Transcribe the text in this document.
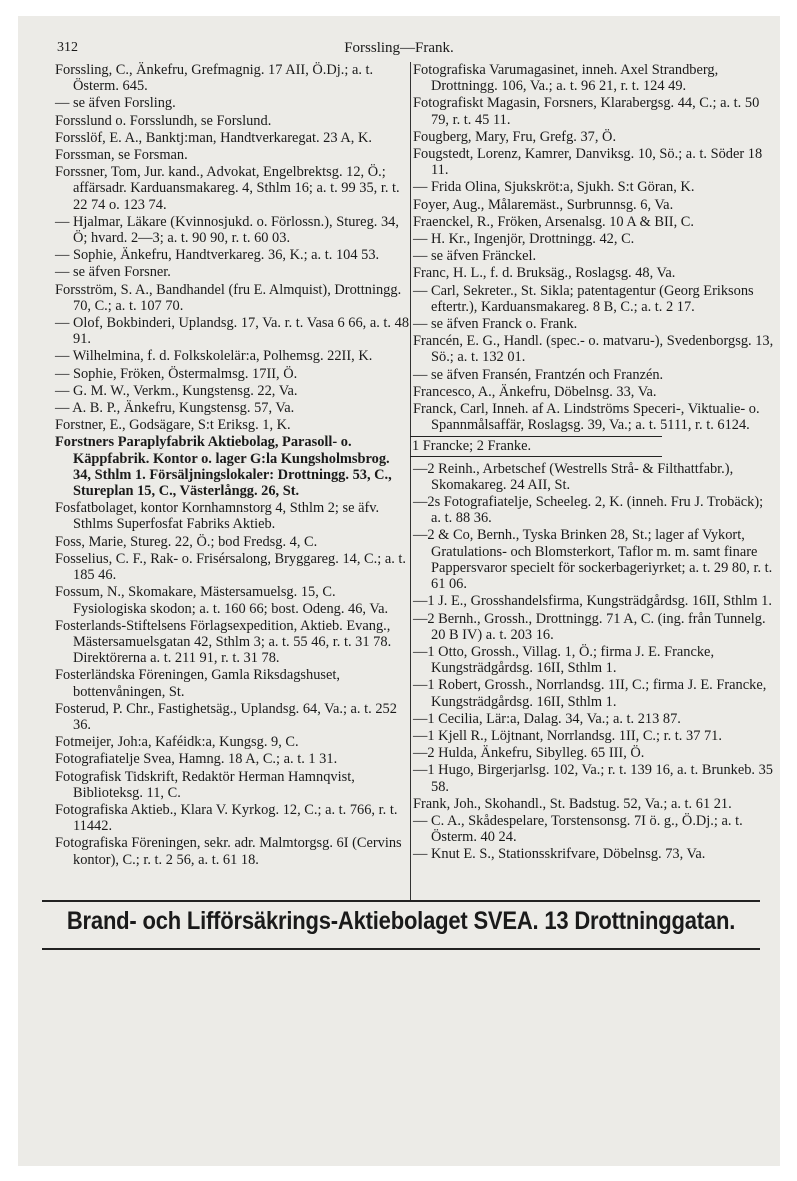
312	Forssling—Frank.
Forssling, C., Änkefru, Grefmagnig. 17 AII, Ö.Dj.; a. t. Österm. 645.
— se äfven Forsling.
Forsslund o. Forsslundh, se Forslund.
Forsslöf, E. A., Banktj:man, Handtverkaregat. 23 A, K.
Forssman, se Forsman.
Forssner, Tom, Jur. kand., Advokat, Engelbrektsg. 12, Ö.; affärsadr. Karduansmakareg. 4, Sthlm 16; a. t. 99 35, r. t. 22 74 o. 123 74.
— Hjalmar, Läkare (Kvinnosjukd. o. Förlossn.), Stureg. 34, Ö; hvard. 2—3; a. t. 90 90, r. t. 60 03.
— Sophie, Änkefru, Handtverkareg. 36, K.; a. t. 104 53.
— se äfven Forsner.
Forsström, S. A., Bandhandel (fru E. Almquist), Drottningg. 70, C.; a. t. 107 70.
— Olof, Bokbinderi, Uplandsg. 17, Va. r. t. Vasa 6 66, a. t. 48 91.
— Wilhelmina, f. d. Folkskolelär:a, Polhemsg. 22II, K.
— Sophie, Fröken, Östermalmsg. 17II, Ö.
— G. M. W., Verkm., Kungstensg. 22, Va.
— A. B. P., Änkefru, Kungstensg. 57, Va.
Forstner, E., Godsägare, S:t Eriksg. 1, K.
Forstners Paraplyfabrik Aktiebolag, Parasoll- o. Käppfabrik. Kontor o. lager G:la Kungsholmsbrog. 34, Sthlm 1. Försäljningslokaler: Drottningg. 53, C., Stureplan 15, C., Västerlångg. 26, St.
Fosfatbolaget, kontor Kornhamnstorg 4, Sthlm 2; se äfv. Sthlms Superfosfat Fabriks Aktieb.
Foss, Marie, Stureg. 22, Ö.; bod Fredsg. 4, C.
Fosselius, C. F., Rak- o. Frisérsalong, Bryggareg. 14, C.; a. t. 185 46.
Fossum, N., Skomakare, Mästersamuelsg. 15, C. Fysiologiska skodon; a. t. 160 66; bost. Odeng. 46, Va.
Fosterlands-Stiftelsens Förlagsexpedition, Aktieb. Evang., Mästersamuelsgatan 42, Sthlm 3; a. t. 55 46, r. t. 31 78. Direktörerna a. t. 211 91, r. t. 31 78.
Fosterländska Föreningen, Gamla Riksdagshuset, bottenvåningen, St.
Fosterud, P. Chr., Fastighetsäg., Uplandsg. 64, Va.; a. t. 252 36.
Fotmeijer, Joh:a, Kaféidk:a, Kungsg. 9, C.
Fotografiatelje Svea, Hamng. 18 A, C.; a. t. 1 31.
Fotografisk Tidskrift, Redaktör Herman Hamnqvist, Biblioteksg. 11, C.
Fotografiska Aktieb., Klara V. Kyrkog. 12, C.; a. t. 766, r. t. 11442.
Fotografiska Föreningen, sekr. adr. Malmtorgsg. 6I (Cervins kontor), C.; r. t. 2 56, a. t. 61 18.
Fotografiska Varumagasinet, inneh. Axel Strandberg, Drottningg. 106, Va.; a. t. 96 21, r. t. 124 49.
Fotografiskt Magasin, Forsners, Klarabergsg. 44, C.; a. t. 50 79, r. t. 45 11.
Fougberg, Mary, Fru, Grefg. 37, Ö.
Fougstedt, Lorenz, Kamrer, Danviksg. 10, Sö.; a. t. Söder 18 11.
— Frida Olina, Sjukskröt:a, Sjukh. S:t Göran, K.
Foyer, Aug., Målaremäst., Surbrunnsg. 6, Va.
Fraenckel, R., Fröken, Arsenalsg. 10 A & BII, C.
— H. Kr., Ingenjör, Drottningg. 42, C.
— se äfven Fränckel.
Franc, H. L., f. d. Bruksäg., Roslagsg. 48, Va.
— Carl, Sekreter., St. Sikla; patentagentur (Georg Eriksons eftertr.), Karduansmakareg. 8 B, C.; a. t. 2 17.
— se äfven Franck o. Frank.
Francén, E. G., Handl. (spec.- o. matvaru-), Svedenborgsg. 13, Sö.; a. t. 132 01.
— se äfven Fransén, Frantzén och Franzén.
Francesco, A., Änkefru, Döbelnsg. 33, Va.
Franck, Carl, Inneh. af A. Lindströms Speceri-, Viktualie- o. Spannmålsaffär, Roslagsg. 39, Va.; a. t. 5111, r. t. 6124.
1 Francke; 2 Franke.
—2 Reinh., Arbetschef (Westrells Strå- & Filthattfabr.), Skomakareg. 24 AII, St.
—2s Fotografiatelje, Scheeleg. 2, K. (inneh. Fru J. Trobäck); a. t. 88 36.
—2 & Co, Bernh., Tyska Brinken 28, St.; lager af Vykort, Gratulations- och Blomsterkort, Taflor m. m. samt finare Pappersvaror specielt för sockerbageriyrket; a. t. 29 80, r. t. 61 06.
—1 J. E., Grosshandelsfirma, Kungsträdgårdsg. 16II, Sthlm 1.
—2 Bernh., Grossh., Drottningg. 71 A, C. (ing. från Tunnelg. 20 B IV) a. t. 203 16.
—1 Otto, Grossh., Villag. 1, Ö.; firma J. E. Francke, Kungsträdgårdsg. 16II, Sthlm 1.
—1 Robert, Grossh., Norrlandsg. 1II, C.; firma J. E. Francke, Kungsträdgårdsg. 16II, Sthlm 1.
—1 Cecilia, Lär:a, Dalag. 34, Va.; a. t. 213 87.
—1 Kjell R., Löjtnant, Norrlandsg. 1II, C.; r. t. 37 71.
—2 Hulda, Änkefru, Sibylleg. 65 III, Ö.
—1 Hugo, Birgerjarlsg. 102, Va.; r. t. 139 16, a. t. Brunkeb. 35 58.
Frank, Joh., Skohandl., St. Badstug. 52, Va.; a. t. 61 21.
— C. A., Skådespelare, Torstensonsg. 7I ö. g., Ö.Dj.; a. t. Österm. 40 24.
— Knut E. S., Stationsskrifvare, Döbelnsg. 73, Va.
Brand- och Lifförsäkrings-Aktiebolaget SVEA. 13 Drottninggatan.
